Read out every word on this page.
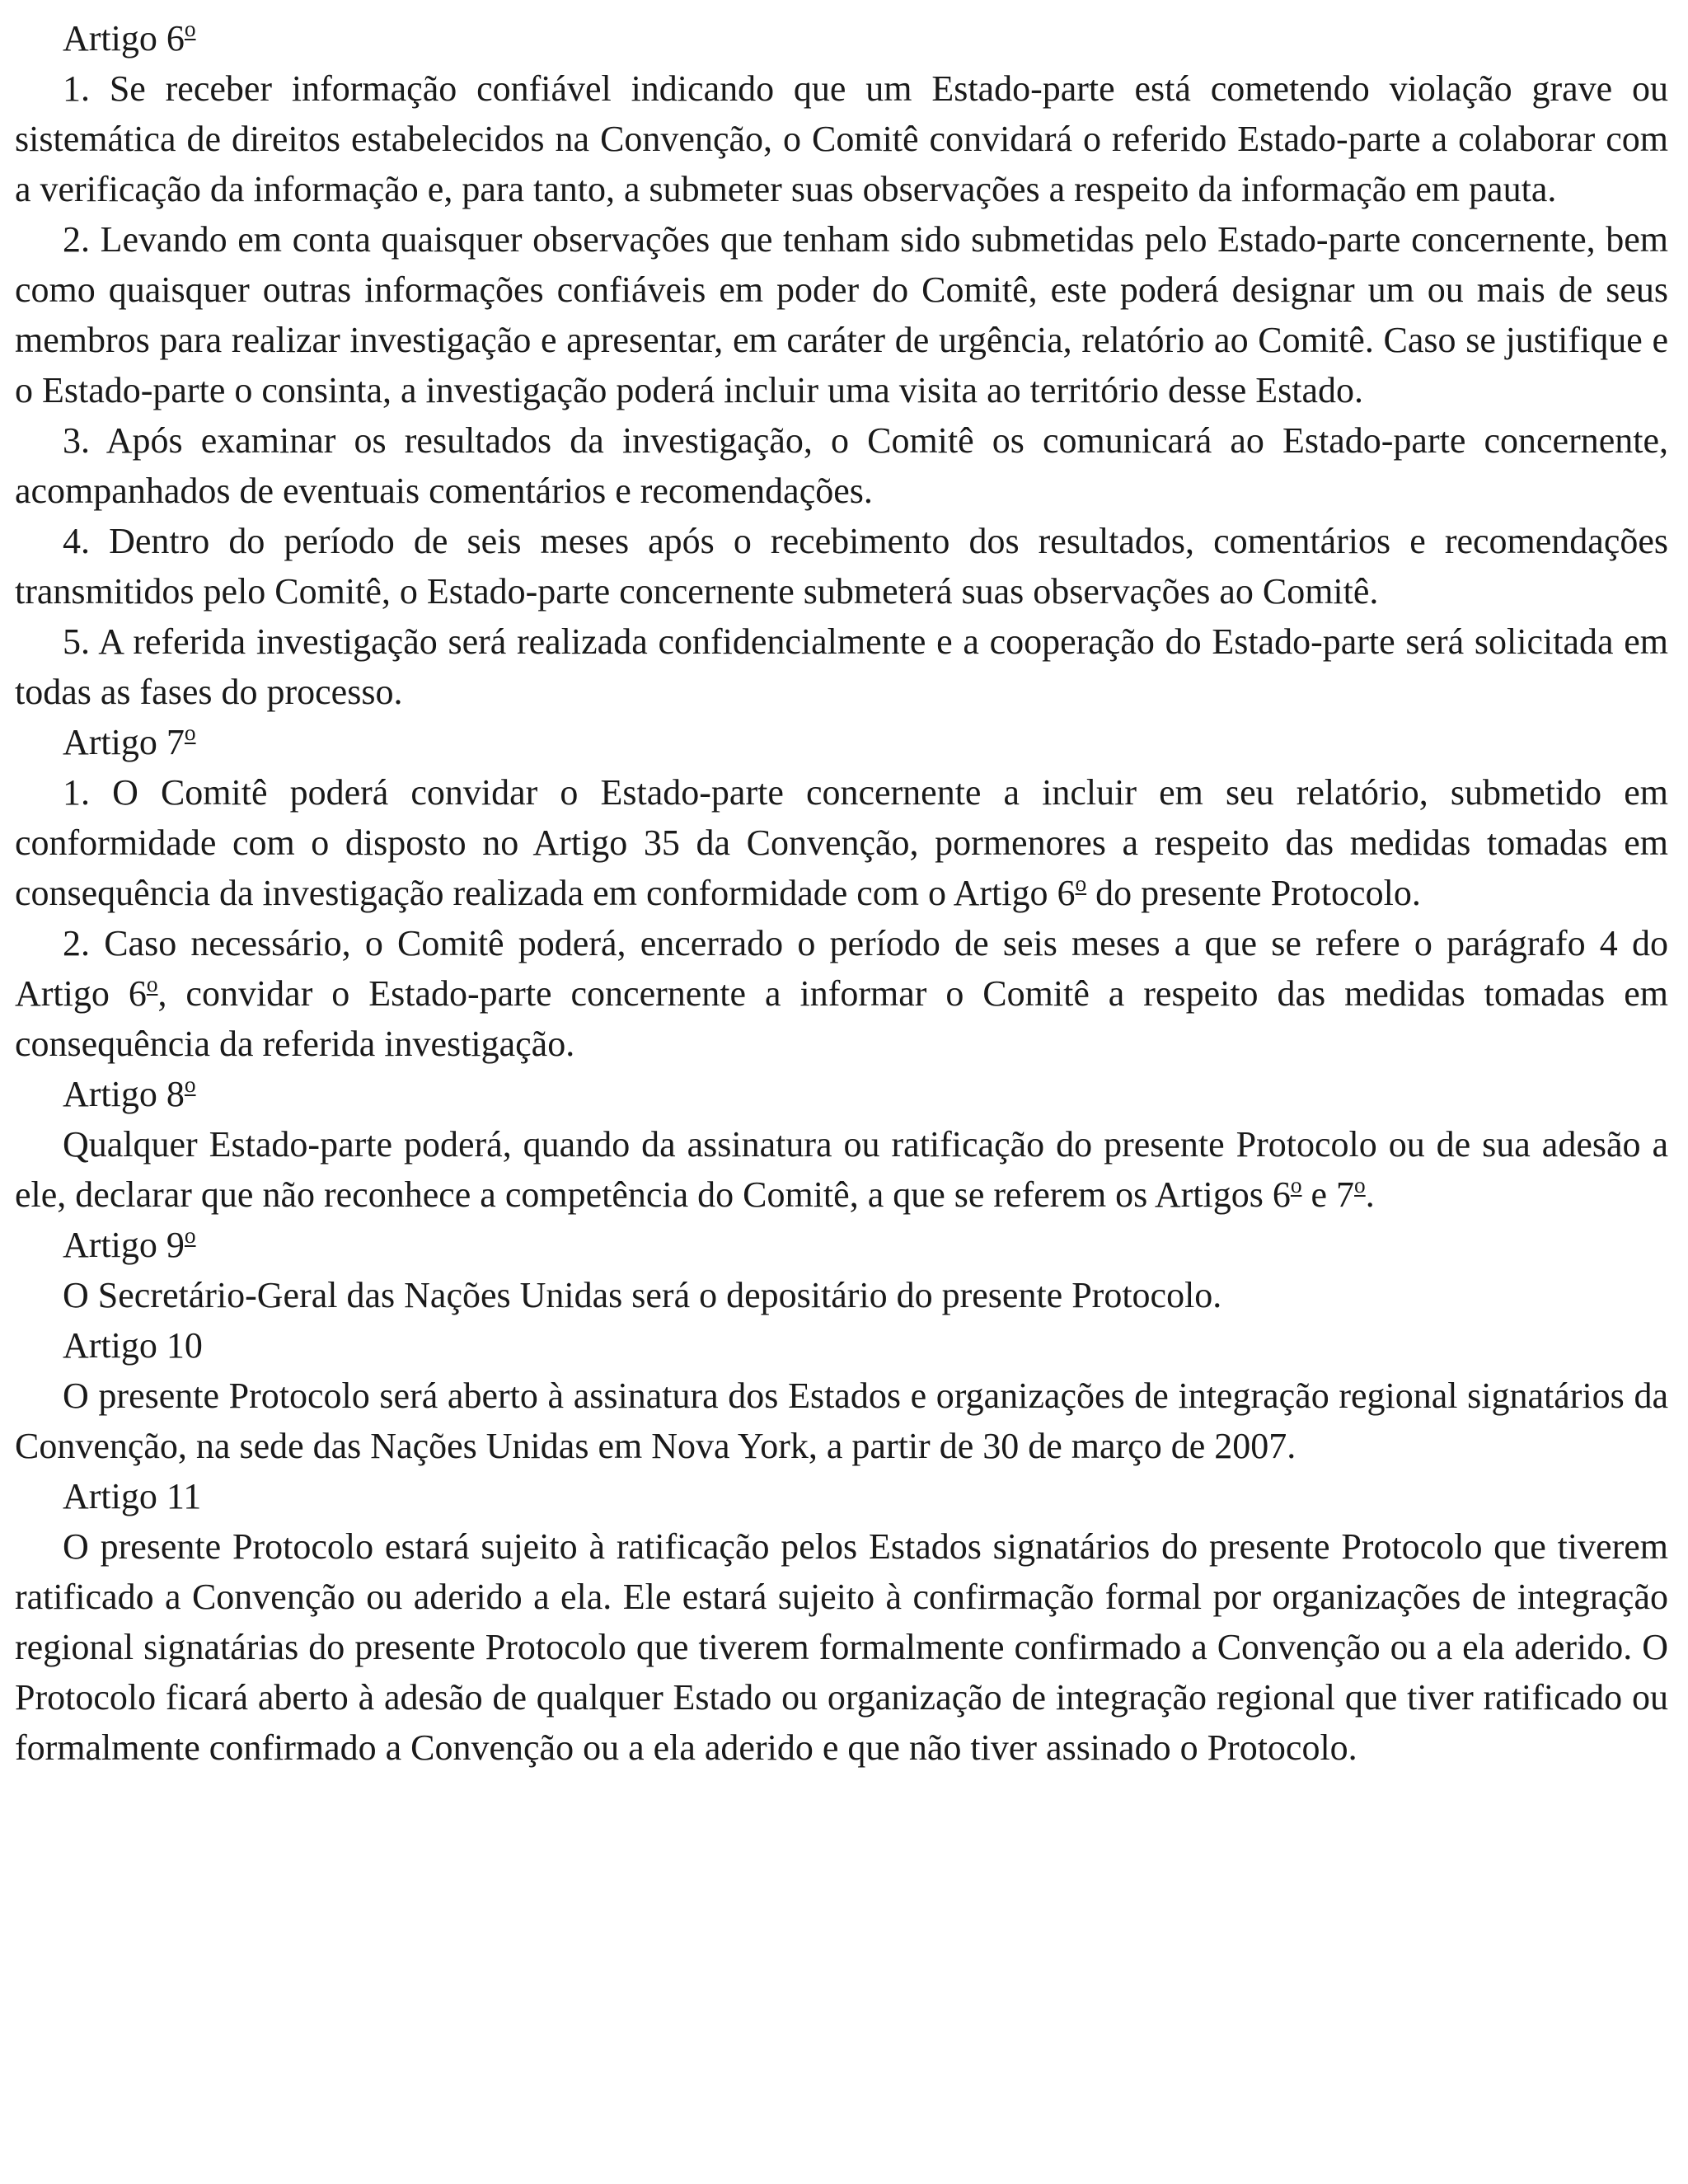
Artigo 6$^o$

1. Se receber informação confiável indicando que um Estado-parte está cometendo violação grave ou sistemática de direitos estabelecidos na Convenção, o Comitê convidará o referido Estado-parte a colaborar com a verificação da informação e, para tanto, a submeter suas observações a respeito da informação em pauta.

2. Levando em conta quaisquer observações que tenham sido submetidas pelo Estado-parte concernente, bem como quaisquer outras informações confiáveis em poder do Comitê, este poderá designar um ou mais de seus membros para realizar investigação e apresentar, em caráter de urgência, relatório ao Comitê. Caso se justifique e o Estado-parte o consinta, a investigação poderá incluir uma visita ao território desse Estado.

3. Após examinar os resultados da investigação, o Comitê os comunicará ao Estado-parte concernente, acompanhados de eventuais comentários e recomendações.

4. Dentro do período de seis meses após o recebimento dos resultados, comentários e recomendações transmitidos pelo Comitê, o Estado-parte concernente submeterá suas observações ao Comitê.

5. A referida investigação será realizada confidencialmente e a cooperação do Estado-parte será solicitada em todas as fases do processo.

Artigo 7$^o$

1. O Comitê poderá convidar o Estado-parte concernente a incluir em seu relatório, submetido em conformidade com o disposto no Artigo 35 da Convenção, pormenores a respeito das medidas tomadas em consequência da investigação realizada em conformidade com o Artigo 6$^o$ do presente Protocolo.

2. Caso necessário, o Comitê poderá, encerrado o período de seis meses a que se refere o parágrafo 4 do Artigo 6$^o$, convidar o Estado-parte concernente a informar o Comitê a respeito das medidas tomadas em consequência da referida investigação.

Artigo 8$^o$

Qualquer Estado-parte poderá, quando da assinatura ou ratificação do presente Protocolo ou de sua adesão a ele, declarar que não reconhece a competência do Comitê, a que se referem os Artigos 6$^o$ e 7$^o$.

Artigo 9$^o$

O Secretário-Geral das Nações Unidas será o depositário do presente Protocolo.

Artigo 10

O presente Protocolo será aberto à assinatura dos Estados e organizações de integração regional signatários da Convenção, na sede das Nações Unidas em Nova York, a partir de 30 de março de 2007.

Artigo 11

O presente Protocolo estará sujeito à ratificação pelos Estados signatários do presente Protocolo que tiverem ratificado a Convenção ou aderido a ela. Ele estará sujeito à confirmação formal por organizações de integração regional signatárias do presente Protocolo que tiverem formalmente confirmado a Convenção ou a ela aderido. O Protocolo ficará aberto à adesão de qualquer Estado ou organização de integração regional que tiver ratificado ou formalmente confirmado a Convenção ou a ela aderido e que não tiver assinado o Protocolo.
